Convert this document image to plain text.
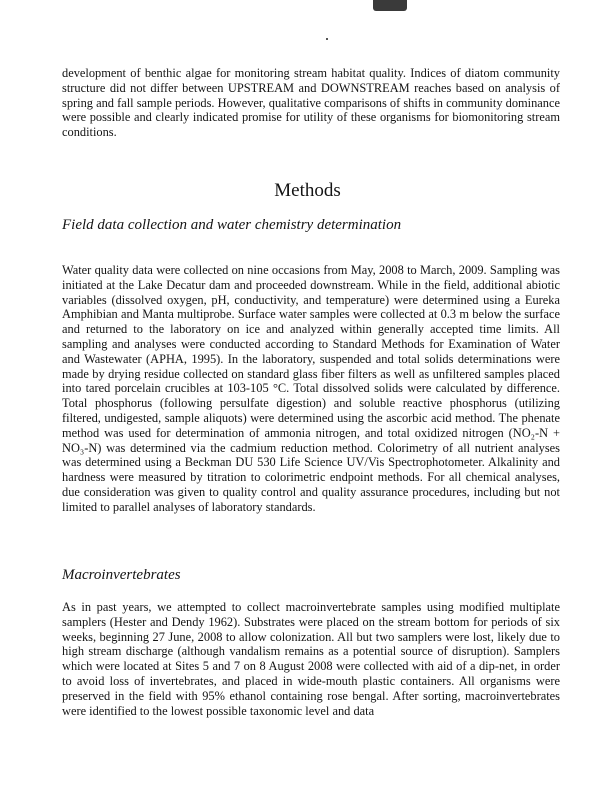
development of benthic algae for monitoring stream habitat quality. Indices of diatom community structure did not differ between UPSTREAM and DOWNSTREAM reaches based on analysis of spring and fall sample periods. However, qualitative comparisons of shifts in community dominance were possible and clearly indicated promise for utility of these organisms for biomonitoring stream conditions.

Methods
Field data collection and water chemistry determination

Water quality data were collected on nine occasions from May, 2008 to March, 2009. Sampling was initiated at the Lake Decatur dam and proceeded downstream. While in the field, additional abiotic variables (dissolved oxygen, pH, conductivity, and temperature) were determined using a Eureka Amphibian and Manta multiprobe. Surface water samples were collected at 0.3 m below the surface and returned to the laboratory on ice and analyzed within generally accepted time limits. All sampling and analyses were conducted according to Standard Methods for Examination of Water and Wastewater (APHA, 1995). In the laboratory, suspended and total solids determinations were made by drying residue collected on standard glass fiber filters as well as unfiltered samples placed into tared porcelain crucibles at 103-105 °C. Total dissolved solids were calculated by difference. Total phosphorus (following persulfate digestion) and soluble reactive phosphorus (utilizing filtered, undigested, sample aliquots) were determined using the ascorbic acid method. The phenate method was used for determination of ammonia nitrogen, and total oxidized nitrogen (NO₂-N + NO₃-N) was determined via the cadmium reduction method. Colorimetry of all nutrient analyses was determined using a Beckman DU 530 Life Science UV/Vis Spectrophotometer. Alkalinity and hardness were measured by titration to colorimetric endpoint methods. For all chemical analyses, due consideration was given to quality control and quality assurance procedures, including but not limited to parallel analyses of laboratory standards.

Macroinvertebrates

As in past years, we attempted to collect macroinvertebrate samples using modified multiplate samplers (Hester and Dendy 1962). Substrates were placed on the stream bottom for periods of six weeks, beginning 27 June, 2008 to allow colonization. All but two samplers were lost, likely due to high stream discharge (although vandalism remains as a potential source of disruption). Samplers which were located at Sites 5 and 7 on 8 August 2008 were collected with aid of a dip-net, in order to avoid loss of invertebrates, and placed in wide-mouth plastic containers. All organisms were preserved in the field with 95% ethanol containing rose bengal. After sorting, macroinvertebrates were identified to the lowest possible taxonomic level and data
